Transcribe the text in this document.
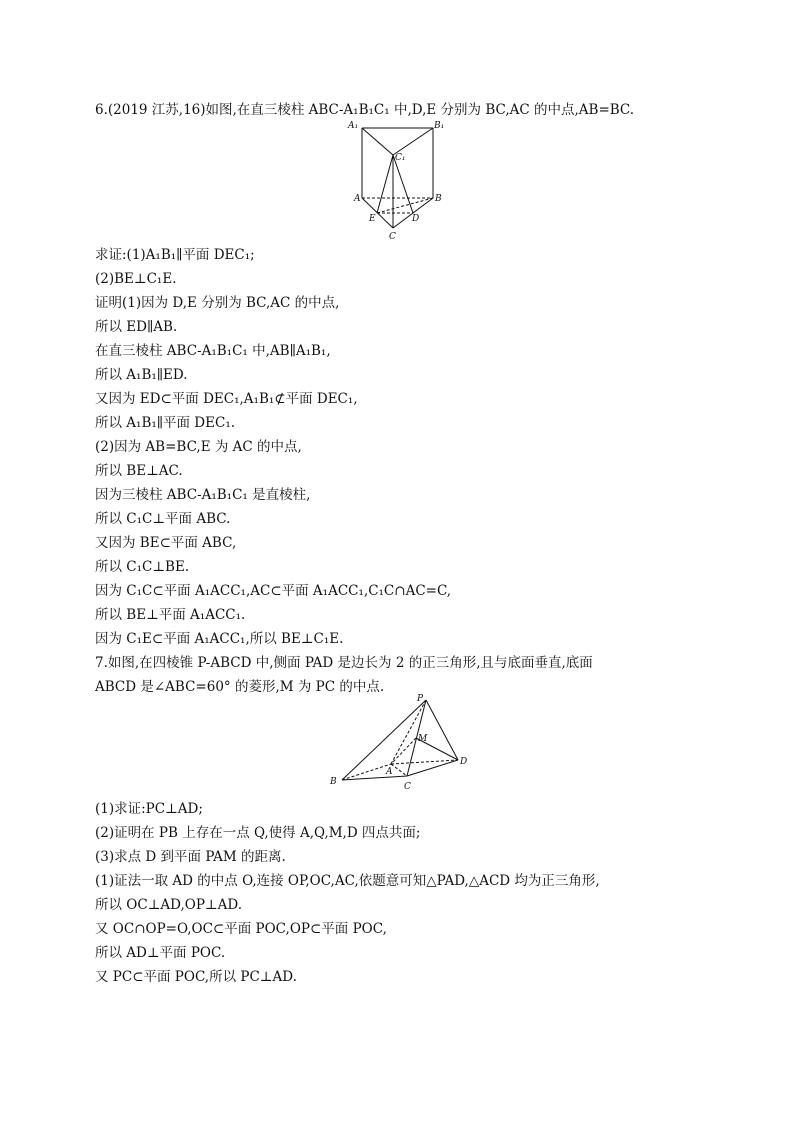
6.(2019 江苏,16)如图,在直三棱柱 ABC-A₁B₁C₁ 中,D,E 分别为 BC,AC 的中点,AB=BC.
A₁	B₁
C₁
A	B
E	D
C
求证:(1)A₁B₁∥平面 DEC₁;
(2)BE⊥C₁E.
证明(1)因为 D,E 分别为 BC,AC 的中点,
所以 ED∥AB.
在直三棱柱 ABC-A₁B₁C₁ 中,AB∥A₁B₁,
所以 A₁B₁∥ED.
又因为 ED⊂平面 DEC₁,A₁B₁⊄平面 DEC₁,
所以 A₁B₁∥平面 DEC₁.
(2)因为 AB=BC,E 为 AC 的中点,
所以 BE⊥AC.
因为三棱柱 ABC-A₁B₁C₁ 是直棱柱,
所以 C₁C⊥平面 ABC.
又因为 BE⊂平面 ABC,
所以 C₁C⊥BE.
因为 C₁C⊂平面 A₁ACC₁,AC⊂平面 A₁ACC₁,C₁C∩AC=C,
所以 BE⊥平面 A₁ACC₁.
因为 C₁E⊂平面 A₁ACC₁,所以 BE⊥C₁E.
7.如图,在四棱锥 P-ABCD 中,侧面 PAD 是边长为 2 的正三角形,且与底面垂直,底面
ABCD 是∠ABC=60° 的菱形,M 为 PC 的中点.
P
M
A
B	C
D
(1)求证:PC⊥AD;
(2)证明在 PB 上存在一点 Q,使得 A,Q,M,D 四点共面;
(3)求点 D 到平面 PAM 的距离.
(1)证法一取 AD 的中点 O,连接 OP,OC,AC,依题意可知△PAD,△ACD 均为正三角形,
所以 OC⊥AD,OP⊥AD.
又 OC∩OP=O,OC⊂平面 POC,OP⊂平面 POC,
所以 AD⊥平面 POC.
又 PC⊂平面 POC,所以 PC⊥AD.
